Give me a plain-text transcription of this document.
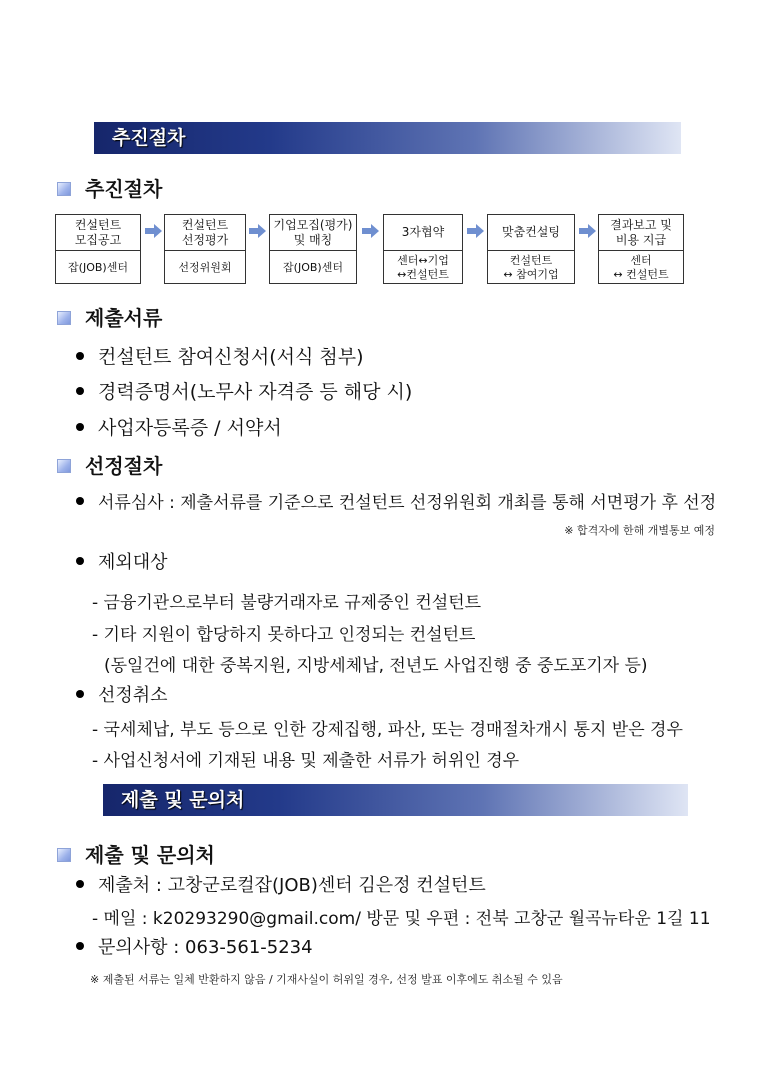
추진절차
추진절차
컨설턴트
모집공고
잡(JOB)센터
컨설턴트
선정평가
선정위원회
기업모집(평가)
및 매칭
잡(JOB)센터
3자협약
센터↔기업
↔컨설턴트
맞춤컨설팅
컨설턴트
↔ 참여기업
결과보고 및
비용 지급
센터
↔ 컨설턴트
제출서류
컨설턴트 참여신청서(서식 첨부)
경력증명서(노무사 자격증 등 해당 시)
사업자등록증 / 서약서
선정절차
서류심사 : 제출서류를 기준으로 컨설턴트 선정위원회 개최를 통해 서면평가 후 선정
※ 합격자에 한해 개별통보 예정
제외대상
- 금융기관으로부터 불량거래자로 규제중인 컨설턴트
- 기타 지원이 합당하지 못하다고 인정되는 컨설턴트
(동일건에 대한 중복지원, 지방세체납, 전년도 사업진행 중 중도포기자 등)
선정취소
- 국세체납, 부도 등으로 인한 강제집행, 파산, 또는 경매절차개시 통지 받은 경우
- 사업신청서에 기재된 내용 및 제출한 서류가 허위인 경우
제출 및 문의처
제출 및 문의처
제출처 : 고창군로컬잡(JOB)센터 김은정 컨설턴트
- 메일 : k20293290@gmail.com/ 방문 및 우편 : 전북 고창군 월곡뉴타운 1길 11
문의사항 : 063-561-5234
※ 제출된 서류는 일체 반환하지 않음 / 기재사실이 허위일 경우, 선정 발표 이후에도 취소될 수 있음
